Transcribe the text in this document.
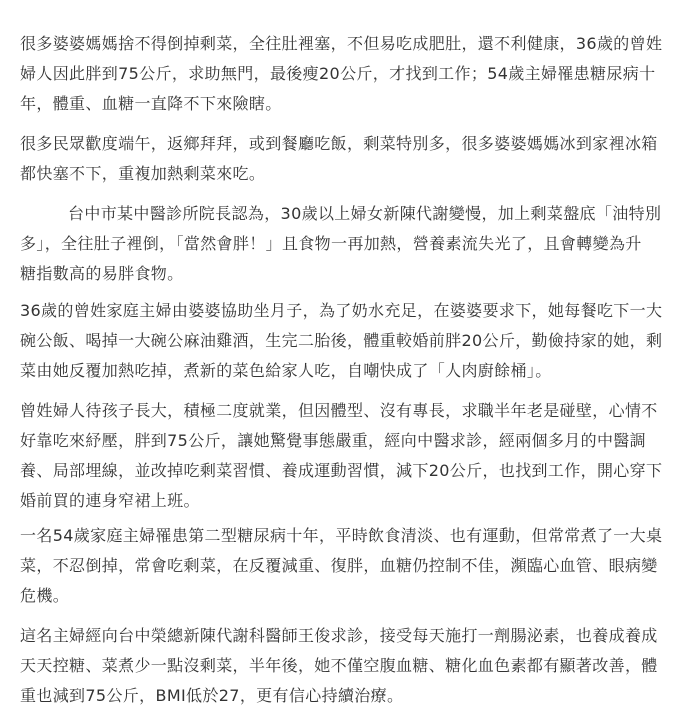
很多婆婆媽媽捨不得倒掉剩菜，全往肚裡塞，不但易吃成肥肚，還不利健康，36歲的曾姓
婦人因此胖到75公斤，求助無門，最後瘦20公斤，才找到工作；54歲主婦罹患糖尿病十
年，體重、血糖一直降不下來險瞎。
很多民眾歡度端午，返鄉拜拜，或到餐廳吃飯，剩菜特別多，很多婆婆媽媽冰到家裡冰箱
都快塞不下，重複加熱剩菜來吃。
台中市某中醫診所院長認為，30歲以上婦女新陳代謝變慢，加上剩菜盤底「油特別
多」，全往肚子裡倒，「當然會胖！」且食物一再加熱，營養素流失光了，且會轉變為升
糖指數高的易胖食物。
36歲的曾姓家庭主婦由婆婆協助坐月子，為了奶水充足，在婆婆要求下，她每餐吃下一大
碗公飯、喝掉一大碗公麻油雞酒，生完二胎後，體重較婚前胖20公斤，勤儉持家的她，剩
菜由她反覆加熱吃掉，煮新的菜色給家人吃，自嘲快成了「人肉廚餘桶」。
曾姓婦人待孩子長大，積極二度就業，但因體型、沒有專長，求職半年老是碰壁，心情不
好靠吃來紓壓，胖到75公斤，讓她驚覺事態嚴重，經向中醫求診，經兩個多月的中醫調
養、局部埋線，並改掉吃剩菜習慣、養成運動習慣，減下20公斤，也找到工作，開心穿下
婚前買的連身窄裙上班。
一名54歲家庭主婦罹患第二型糖尿病十年，平時飲食清淡、也有運動，但常常煮了一大桌
菜，不忍倒掉，常會吃剩菜，在反覆減重、復胖，血糖仍控制不佳，瀕臨心血管、眼病變
危機。
這名主婦經向台中榮總新陳代謝科醫師王俊求診，接受每天施打一劑腸泌素，也養成養成
天天控糖、菜煮少一點沒剩菜，半年後，她不僅空腹血糖、糖化血色素都有顯著改善，體
重也減到75公斤，BMI低於27，更有信心持續治療。
